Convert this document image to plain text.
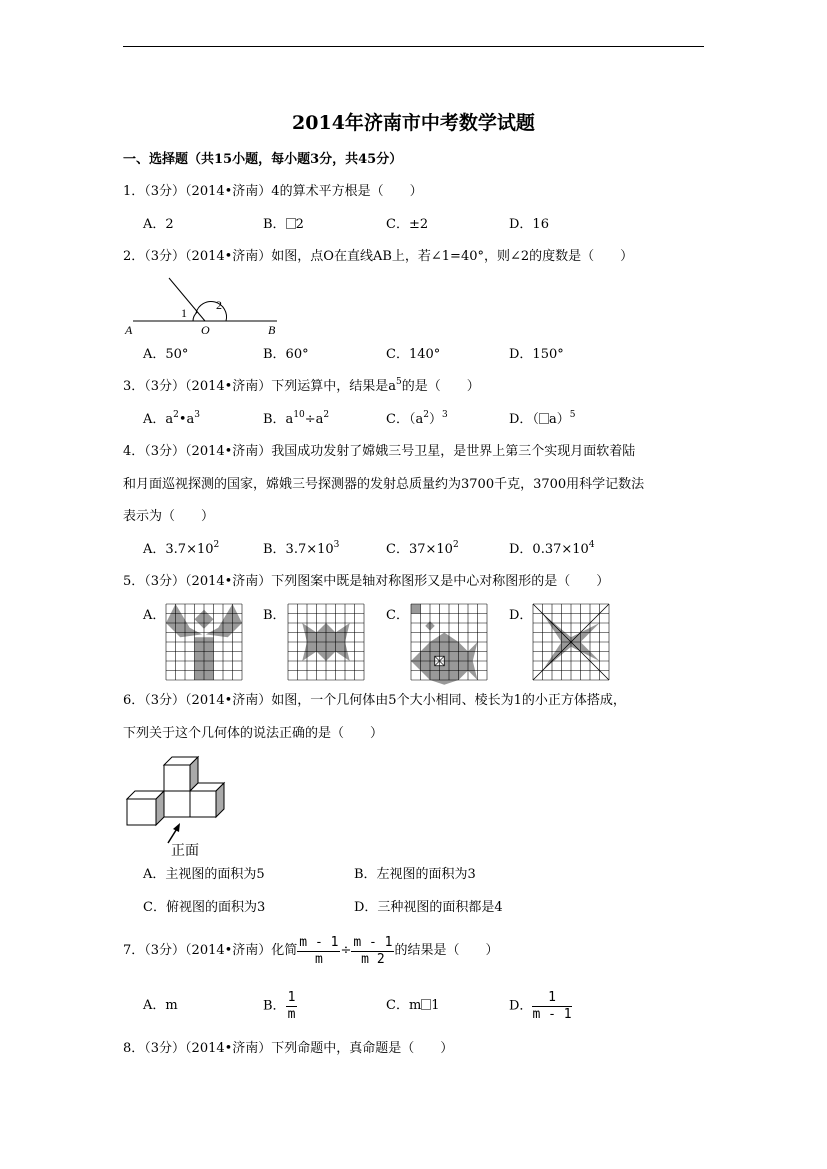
2014年济南市中考数学试题
一、选择题（共15小题，每小题3分，共45分）
1．（3分）（2014•济南）4的算术平方根是（　　）
A．2	B． 2	C．±2	D．16
2．（3分）（2014•济南）如图，点O在直线AB上，若∠1=40°，则∠2的度数是（　　）
A	O	B
1
2
A．50°	B．60°	C．140°	D．150°
3．（3分）（2014•济南）下列运算中，结果是$a^5$的是（　　）
A．$a^2•a^3$	B．$a^{10}\div a^2$	C．$(a^2)^3$	D．（ a）$^5$
4．（3分）（2014•济南）我国成功发射了嫦娥三号卫星，是世界上第三个实现月面软着陆
和月面巡视探测的国家，嫦娥三号探测器的发射总质量约为3700千克，3700用科学记数法
表示为（　　）
A．$3.7\times 10^2$	B．$3.7\times 10^3$	C．$37\times 10^2$	D．$0.37\times 10^4$
5．（3分）（2014•济南）下列图案中既是轴对称图形又是中心对称图形的是（　　）
A．	B．	C．	D．
6．（3分）（2014•济南）如图，一个几何体由5个大小相同、棱长为1的小正方体搭成，
下列关于这个几何体的说法正确的是（　　）
正面
A．主视图的面积为5	B．左视图的面积为3
C．俯视图的面积为3	D．三种视图的面积都是4
7．（3分）（2014•济南）化简 $\frac{m - 1}{m} \div \frac{m - 1}{m 2}$ 的结果是（　　）
A．m	B． $\frac{1}{m}$	C．m 1	D． $\frac{1}{m - 1}$
8．（3分）（2014•济南）下列命题中，真命题是（　　）
